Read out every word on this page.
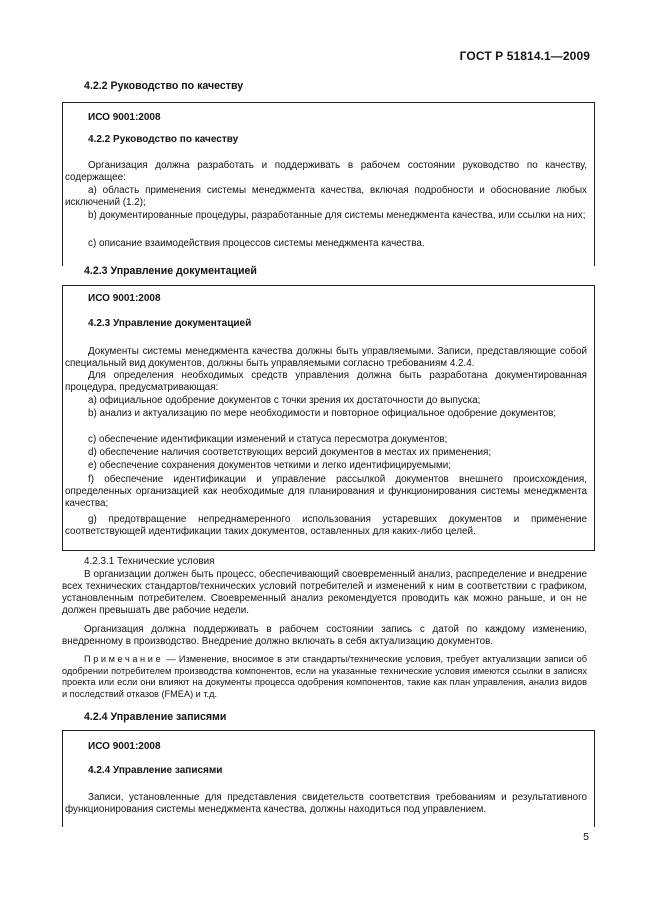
ГОСТ Р 51814.1—2009
4.2.2 Руководство по качеству
ИСО 9001:2008
4.2.2 Руководство по качеству
Организация должна разработать и поддерживать в рабочем состоянии руководство по качеству, содержащее:
a) область применения системы менеджмента качества, включая подробности и обоснование любых исключений (1.2);
b) документированные процедуры, разработанные для системы менеджмента качества, или ссылки на них;
c) описание взаимодействия процессов системы менеджмента качества.
4.2.3 Управление документацией
ИСО 9001:2008
4.2.3 Управление документацией
Документы системы менеджмента качества должны быть управляемыми. Записи, представляющие собой специальный вид документов, должны быть управляемыми согласно требованиям 4.2.4.
Для определения необходимых средств управления должна быть разработана документированная процедура, предусматривающая:
a) официальное одобрение документов с точки зрения их достаточности до выпуска;
b) анализ и актуализацию по мере необходимости и повторное официальное одобрение документов;
c) обеспечение идентификации изменений и статуса пересмотра документов;
d) обеспечение наличия соответствующих версий документов в местах их применения;
e) обеспечение сохранения документов четкими и легко идентифицируемыми;
f) обеспечение идентификации и управление рассылкой документов внешнего происхождения, определенных организацией как необходимые для планирования и функционирования системы менеджмента качества;
g) предотвращение непреднамеренного использования устаревших документов и применение соответствующей идентификации таких документов, оставленных для каких-либо целей.
4.2.3.1 Технические условия
В организации должен быть процесс, обеспечивающий своевременный анализ, распределение и внедрение всех технических стандартов/технических условий потребителей и изменений к ним в соответствии с графиком, установленным потребителем. Своевременный анализ рекомендуется проводить как можно раньше, и он не должен превышать две рабочие недели.
Организация должна поддерживать в рабочем состоянии запись с датой по каждому изменению, внедренному в производство. Внедрение должно включать в себя актуализацию документов.
Примечание — Изменение, вносимое в эти стандарты/технические условия, требует актуализации записи об одобрении потребителем производства компонентов, если на указанные технические условия имеются ссылки в записях проекта или если они влияют на документы процесса одобрения компонентов, такие как план управления, анализ видов и последствий отказов (FMEA) и т.д.
4.2.4 Управление записями
ИСО 9001:2008
4.2.4 Управление записями
Записи, установленные для представления свидетельств соответствия требованиям и результативного функционирования системы менеджмента качества, должны находиться под управлением.
5
